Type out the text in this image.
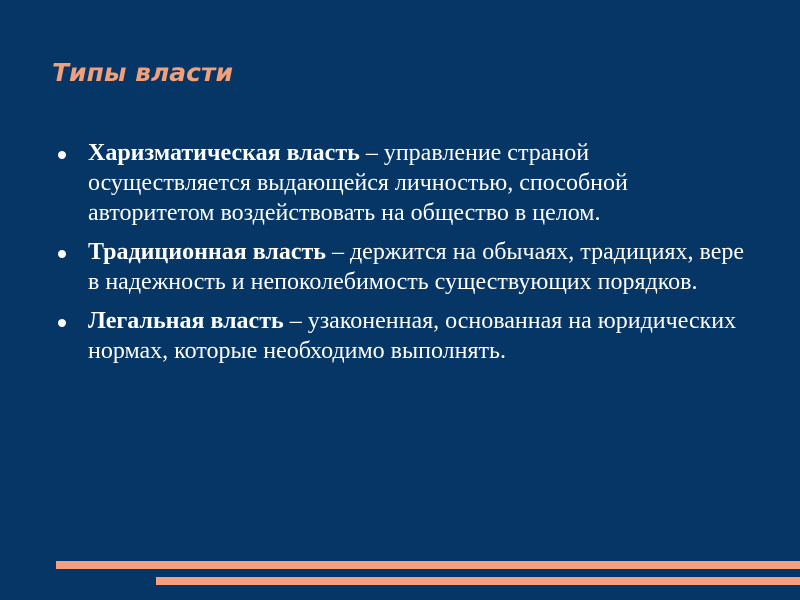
Типы власти
Харизматическая власть – управление страной осуществляется выдающейся личностью, способной авторитетом воздействовать на общество в целом.
Традиционная власть – держится на обычаях, традициях, вере в надежность и непоколебимость существующих порядков.
Легальная власть – узаконенная, основанная на юридических нормах, которые необходимо выполнять.
